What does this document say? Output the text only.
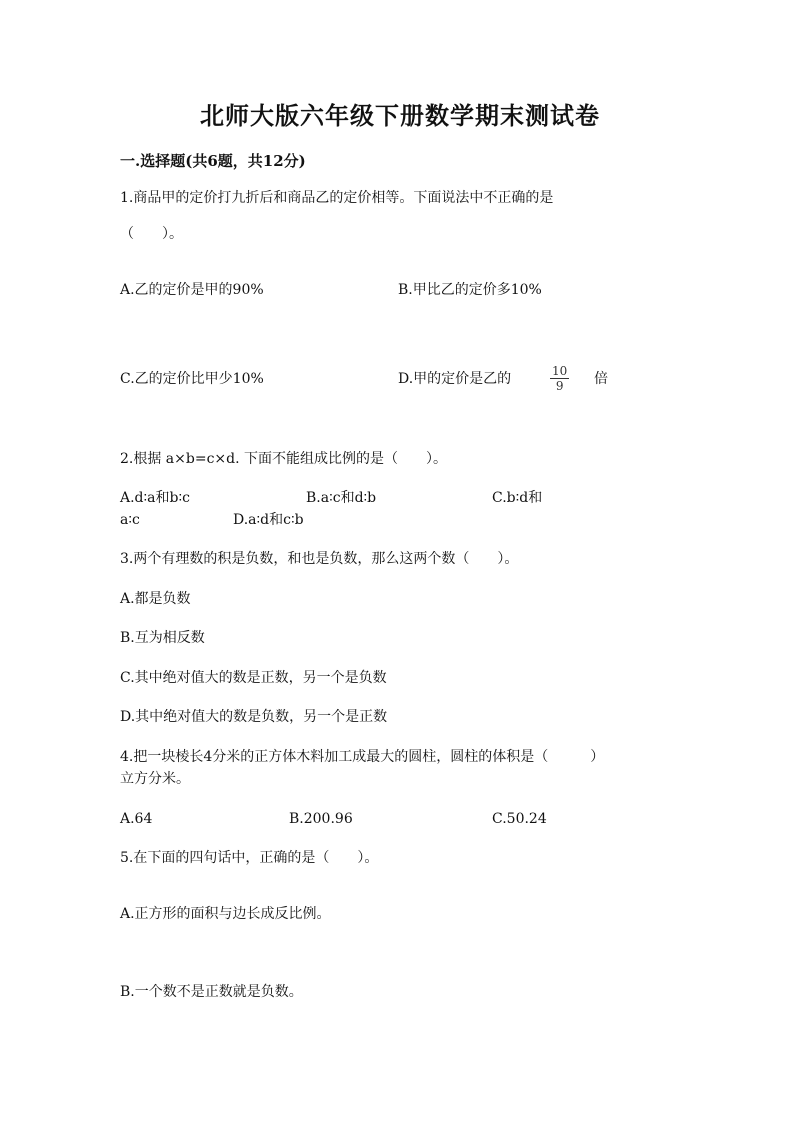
北师大版六年级下册数学期末测试卷
一.选择题(共6题，共12分)
1.商品甲的定价打九折后和商品乙的定价相等。下面说法中不正确的是
（　　）。
A.乙的定价是甲的90%	B.甲比乙的定价多10%
C.乙的定价比甲少10%	D.甲的定价是乙的	$\frac{10}{9}$ 倍
2.根据 a×b=c×d. 下面不能组成比例的是（　　）。
A.d∶a和b∶c	B.a∶c和d∶b	C.b∶d和
a∶c	D.a∶d和c∶b
3.两个有理数的积是负数，和也是负数，那么这两个数（　　）。
A.都是负数
B.互为相反数
C.其中绝对值大的数是正数，另一个是负数
D.其中绝对值大的数是负数，另一个是正数
4.把一块棱长4分米的正方体木料加工成最大的圆柱，圆柱的体积是（　　　）
立方分米。
A.64	B.200.96	C.50.24
5.在下面的四句话中，正确的是（　　）。
A.正方形的面积与边长成反比例。
B.一个数不是正数就是负数。
